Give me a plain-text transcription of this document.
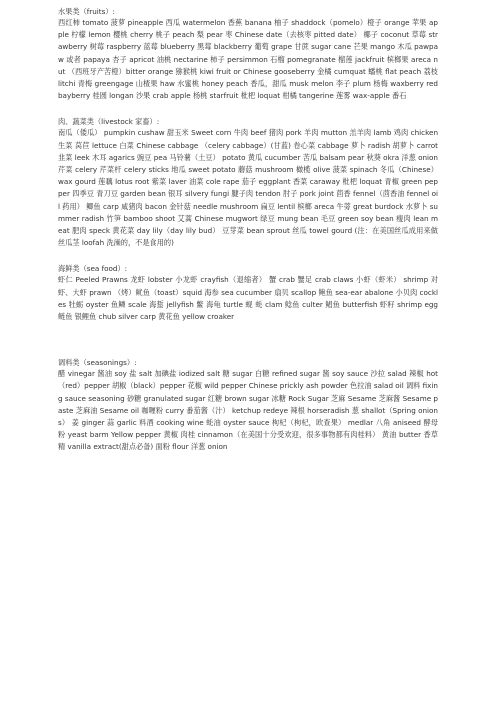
水果类（fruits）:

西红柿 tomato 菠萝 pineapple 西瓜 watermelon 香蕉 banana 柚子 shaddock（pomelo）橙子 orange 苹果 apple 柠檬 lemon 樱桃 cherry 桃子 peach 梨 pear 枣 Chinese date（去核枣 pitted date） 椰子 coconut 草莓 strawberry 树莓 raspberry 蓝莓 blueberry 黑莓 blackberry 葡萄 grape 甘蔗 sugar cane 芒果 mango 木瓜 pawpaw 或者 papaya 杏子 apricot 油桃 nectarine 柿子 persimmon 石榴 pomegranate 榴莲 jackfruit 槟榔果 areca nut （西班牙产苦橙）bitter orange 猕猴桃 kiwi fruit or Chinese gooseberry 金橘 cumquat 蟠桃 flat peach 荔枝 litchi 青梅 greengage 山楂果 haw 水蜜桃 honey peach 香瓜，甜瓜 musk melon 李子 plum 杨梅 waxberry red bayberry 桂圆 longan 沙果 crab apple 杨桃 starfruit 枇杷 loquat 柑橘 tangerine 莲雾 wax-apple 番石

肉、蔬菜类（livestock 家畜）:

南瓜（倭瓜） pumpkin cushaw 甜玉米 Sweet corn 牛肉 beef 猪肉 pork 羊肉 mutton 羔羊肉 lamb 鸡肉 chicken 生菜 莴苣 lettuce 白菜 Chinese cabbage （celery cabbage）(甘蓝) 卷心菜 cabbage 萝卜 radish 胡萝卜 carrot 韭菜 leek 木耳 agarics 豌豆 pea 马铃薯（土豆） potato 黄瓜 cucumber 苦瓜 balsam pear 秋葵 okra 洋葱 onion 芹菜 celery 芹菜杆 celery sticks 地瓜 sweet potato 蘑菇 mushroom 橄榄 olive 菠菜 spinach 冬瓜（Chinese）wax gourd 莲藕 lotus root 紫菜 laver 油菜 cole rape 茄子 eggplant 香菜 caraway 枇杷 loquat 青椒 green pepper 四季豆 青刀豆 garden bean 银耳 silvery fungi 腱子肉 tendon 肘子 pork joint 茴香 fennel（茴香油 fennel oil 药用） 鲫鱼 carp 咸猪肉 bacon 金针菇 needle mushroom 扁豆 lentil 槟榔 areca 牛蒡 great burdock 水萝卜 summer radish 竹笋 bamboo shoot 艾蒿 Chinese mugwort 绿豆 mung bean 毛豆 green soy bean 瘦肉 lean meat 肥肉 speck 黄花菜 day lily（day lily bud） 豆芽菜 bean sprout 丝瓜 towel gourd (注：在美国丝瓜成用来做丝瓜茎 loofah 洗澡的，不是食用的)

海鲜类（sea food）:

虾仁 Peeled Prawns 龙虾 lobster 小龙虾 crayfish（退缩者） 蟹 crab 蟹足 crab claws 小虾（虾米） shrimp 对虾、大虾 prawn （烤）鱿鱼（toast）squid 海参 sea cucumber 扇贝 scallop 鲍鱼 sea-ear abalone 小贝肉 cockles 牡蛎 oyster 鱼鳞 scale 海蜇 jellyfish 鳖 海龟 turtle 蚬 蚝 clam 鲶鱼 culter 鲳鱼 butterfish 虾籽 shrimp egg 鲢鱼 银鲤鱼 chub silver carp 黄花鱼 yellow croaker

调料类（seasonings）:

醋 vinegar 酱油 soy 盐 salt 加碘盐 iodized salt 糖 sugar 白糖 refined sugar 酱 soy sauce 沙拉 salad 辣椒 hot（red）pepper 胡椒（black）pepper 花椒 wild pepper Chinese prickly ash powder 色拉油 salad oil 调料 fixing sauce seasoning 砂糖 granulated sugar 红糖 brown sugar 冰糖 Rock Sugar 芝麻 Sesame 芝麻酱 Sesame paste 芝麻油 Sesame oil 咖喱粉 curry 番茄酱（汁） ketchup redeye 辣根 horseradish 葱 shallot（Spring onions） 姜 ginger 蒜 garlic 料酒 cooking wine 蚝油 oyster sauce 枸杞（枸杞，欧查果） medlar 八角 aniseed 酵母粉 yeast barm Yellow pepper 黄椒 肉桂 cinnamon（在美国十分受欢迎，很多事物都有肉桂料） 黄油 butter 香草精 vanilla extract(甜点必备) 面粉 flour 洋葱 onion
